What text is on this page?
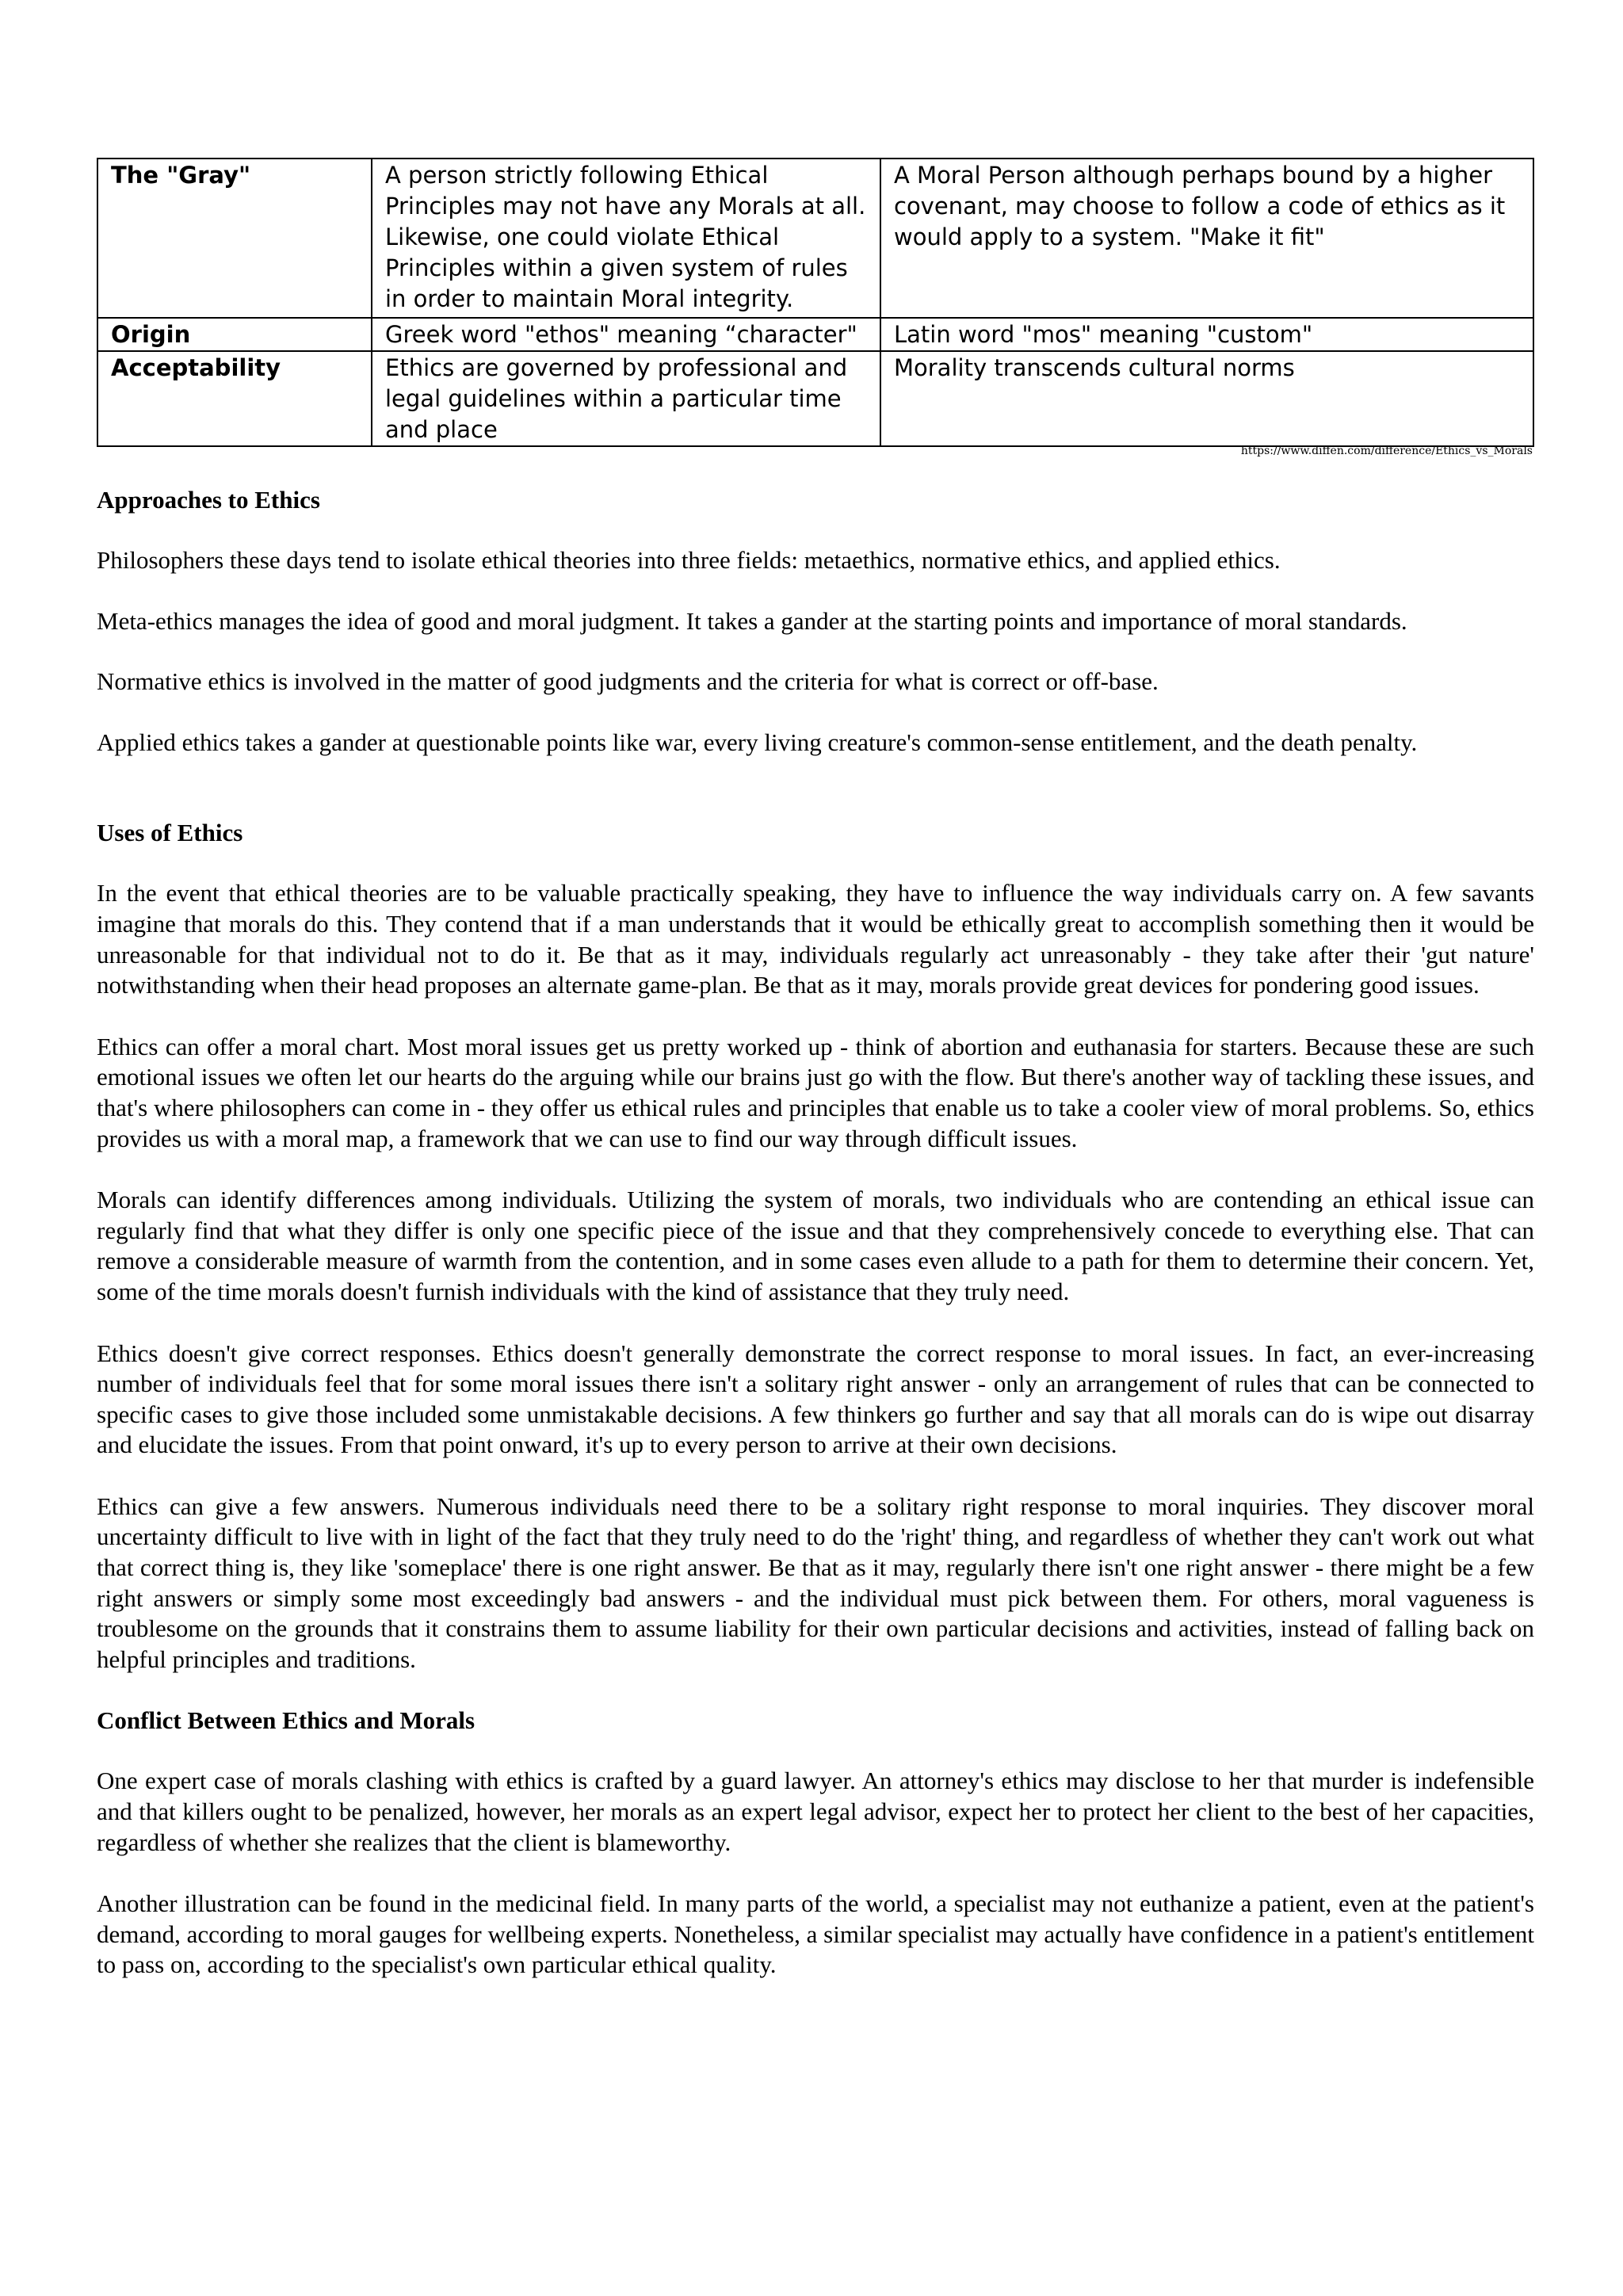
The "Gray"	A person strictly following Ethical Principles may not have any Morals at all. Likewise, one could violate Ethical Principles within a given system of rules in order to maintain Moral integrity.	A Moral Person although perhaps bound by a higher covenant, may choose to follow a code of ethics as it would apply to a system. "Make it fit"
Origin	Greek word "ethos" meaning “character"	Latin word "mos" meaning "custom"
Acceptability	Ethics are governed by professional and legal guidelines within a particular time and place	Morality transcends cultural norms
https://www.diffen.com/difference/Ethics_vs_Morals
Approaches to Ethics

Philosophers these days tend to isolate ethical theories into three fields: metaethics, normative ethics, and applied ethics.

Meta-ethics manages the idea of good and moral judgment. It takes a gander at the starting points and importance of moral standards.

Normative ethics is involved in the matter of good judgments and the criteria for what is correct or off-base.

Applied ethics takes a gander at questionable points like war, every living creature's common-sense entitlement, and the death penalty.

Uses of Ethics

In the event that ethical theories are to be valuable practically speaking, they have to influence the way individuals carry on. A few savants imagine that morals do this. They contend that if a man understands that it would be ethically great to accomplish something then it would be unreasonable for that individual not to do it. Be that as it may, individuals regularly act unreasonably - they take after their 'gut nature' notwithstanding when their head proposes an alternate game-plan. Be that as it may, morals provide great devices for pondering good issues.

Ethics can offer a moral chart. Most moral issues get us pretty worked up - think of abortion and euthanasia for starters. Because these are such emotional issues we often let our hearts do the arguing while our brains just go with the flow. But there's another way of tackling these issues, and that's where philosophers can come in - they offer us ethical rules and principles that enable us to take a cooler view of moral problems. So, ethics provides us with a moral map, a framework that we can use to find our way through difficult issues.

Morals can identify differences among individuals. Utilizing the system of morals, two individuals who are contending an ethical issue can regularly find that what they differ is only one specific piece of the issue and that they comprehensively concede to everything else. That can remove a considerable measure of warmth from the contention, and in some cases even allude to a path for them to determine their concern. Yet, some of the time morals doesn't furnish individuals with the kind of assistance that they truly need.

Ethics doesn't give correct responses. Ethics doesn't generally demonstrate the correct response to moral issues. In fact, an ever-increasing number of individuals feel that for some moral issues there isn't a solitary right answer - only an arrangement of rules that can be connected to specific cases to give those included some unmistakable decisions. A few thinkers go further and say that all morals can do is wipe out disarray and elucidate the issues. From that point onward, it's up to every person to arrive at their own decisions.

Ethics can give a few answers. Numerous individuals need there to be a solitary right response to moral inquiries. They discover moral uncertainty difficult to live with in light of the fact that they truly need to do the 'right' thing, and regardless of whether they can't work out what that correct thing is, they like 'someplace' there is one right answer. Be that as it may, regularly there isn't one right answer - there might be a few right answers or simply some most exceedingly bad answers - and the individual must pick between them. For others, moral vagueness is troublesome on the grounds that it constrains them to assume liability for their own particular decisions and activities, instead of falling back on helpful principles and traditions.

Conflict Between Ethics and Morals

One expert case of morals clashing with ethics is crafted by a guard lawyer. An attorney's ethics may disclose to her that murder is indefensible and that killers ought to be penalized, however, her morals as an expert legal advisor, expect her to protect her client to the best of her capacities, regardless of whether she realizes that the client is blameworthy.

Another illustration can be found in the medicinal field. In many parts of the world, a specialist may not euthanize a patient, even at the patient's demand, according to moral gauges for wellbeing experts. Nonetheless, a similar specialist may actually have confidence in a patient's entitlement to pass on, according to the specialist's own particular ethical quality.
